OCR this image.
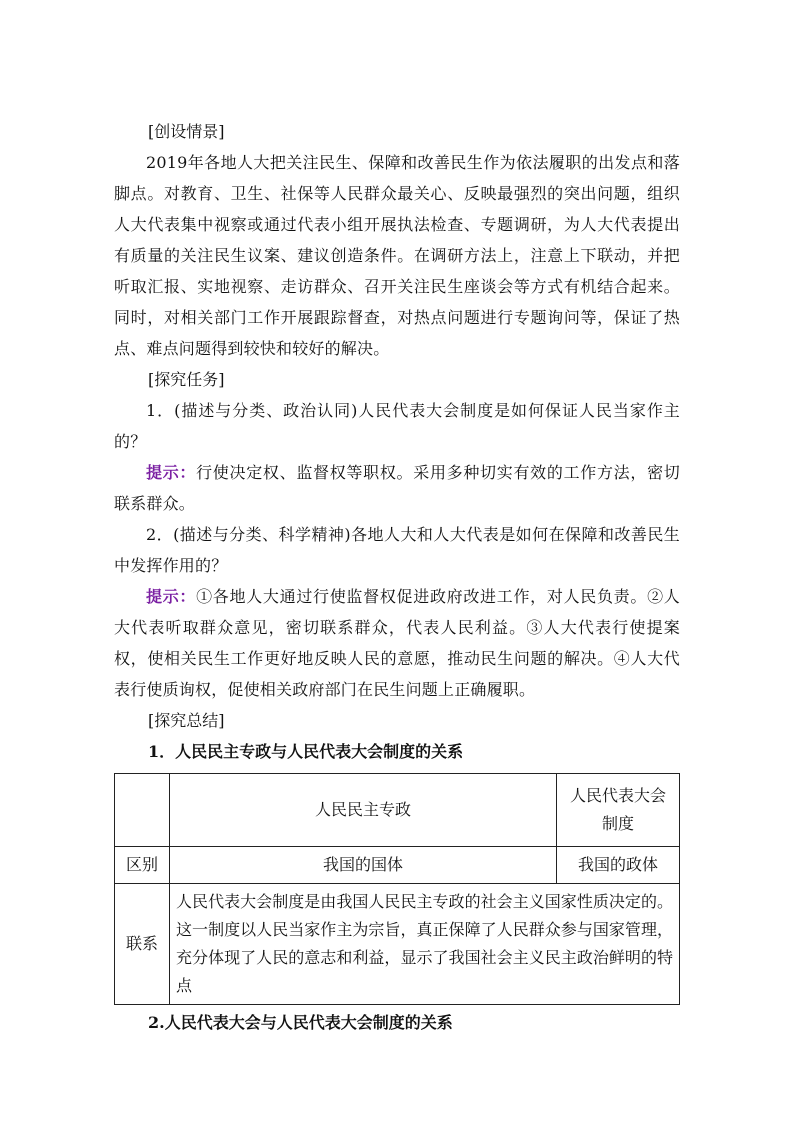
[创设情景]
2019年各地人大把关注民生、保障和改善民生作为依法履职的出发点和落脚点。对教育、卫生、社保等人民群众最关心、反映最强烈的突出问题，组织人大代表集中视察或通过代表小组开展执法检查、专题调研，为人大代表提出有质量的关注民生议案、建议创造条件。在调研方法上，注意上下联动，并把听取汇报、实地视察、走访群众、召开关注民生座谈会等方式有机结合起来。同时，对相关部门工作开展跟踪督查，对热点问题进行专题询问等，保证了热点、难点问题得到较快和较好的解决。
[探究任务]
1．(描述与分类、政治认同)人民代表大会制度是如何保证人民当家作主的？
提示：行使决定权、监督权等职权。采用多种切实有效的工作方法，密切联系群众。
2．(描述与分类、科学精神)各地人大和人大代表是如何在保障和改善民生中发挥作用的？
提示：①各地人大通过行使监督权促进政府改进工作，对人民负责。②人大代表听取群众意见，密切联系群众，代表人民利益。③人大代表行使提案权，使相关民生工作更好地反映人民的意愿，推动民生问题的解决。④人大代表行使质询权，促使相关政府部门在民生问题上正确履职。
[探究总结]
1．人民民主专政与人民代表大会制度的关系
	人民民主专政	人民代表大会制度
区别	我国的国体	我国的政体
联系	人民代表大会制度是由我国人民民主专政的社会主义国家性质决定的。这一制度以人民当家作主为宗旨，真正保障了人民群众参与国家管理，充分体现了人民的意志和利益，显示了我国社会主义民主政治鲜明的特点	
2.人民代表大会与人民代表大会制度的关系
